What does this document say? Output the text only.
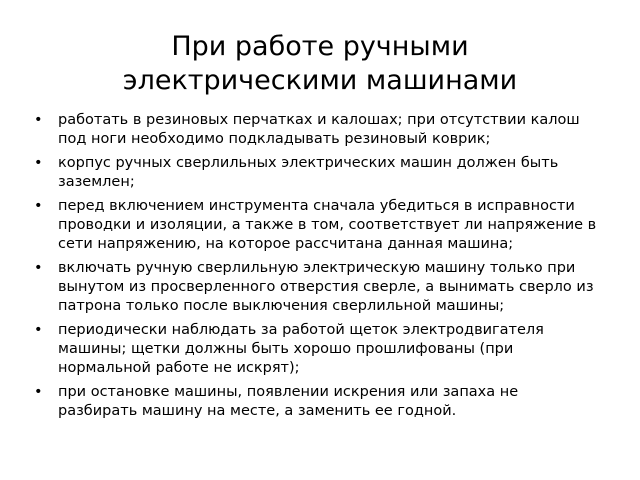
При работе ручными
электрическими машинами
• работать в резиновых перчатках и калошах; при отсутствии калош под ноги необходимо подкладывать резиновый коврик;
• корпус ручных сверлильных электрических машин должен быть заземлен;
• перед включением инструмента сначала убедиться в исправности проводки и изоляции, а также в том, соответствует ли напряжение в сети напряжению, на которое рассчитана данная машина;
• включать ручную сверлильную электрическую машину только при вынутом из просверленного отверстия сверле, а вынимать сверло из патрона только после выключения сверлильной машины;
• периодически наблюдать за работой щеток электродвигателя машины; щетки должны быть хорошо прошлифованы (при нормальной работе не искрят);
• при остановке машины, появлении искрения или запаха не разбирать машину на месте, а заменить ее годной.
